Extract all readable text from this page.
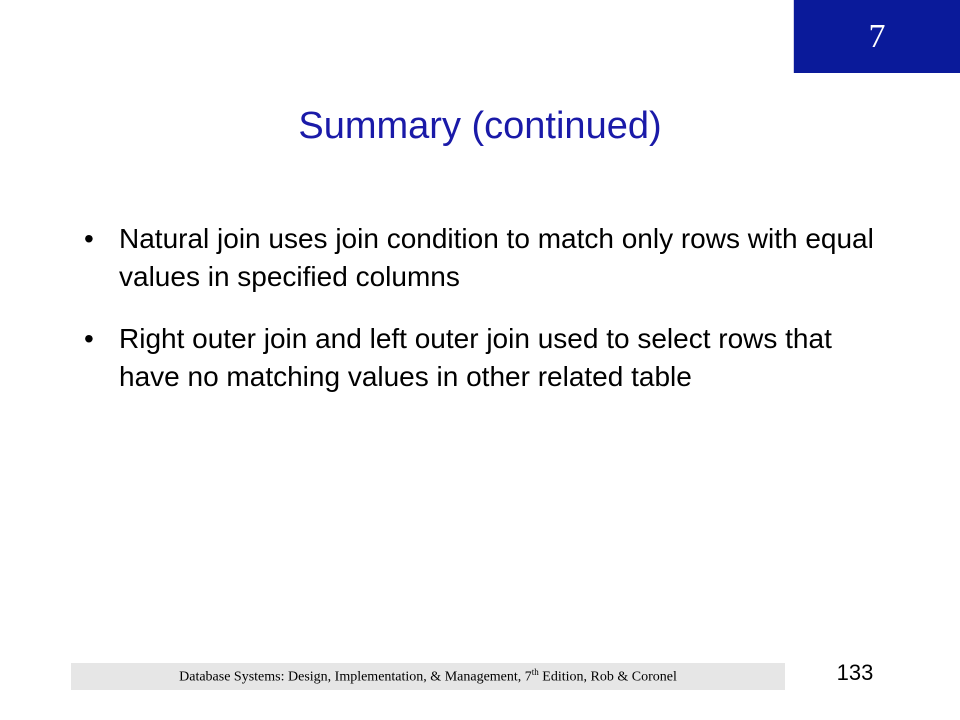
7
Summary (continued)
• Natural join uses join condition to match only rows with equal values in specified columns
• Right outer join and left outer join used to select rows that have no matching values in other related table
Database Systems: Design, Implementation, & Management, 7th Edition, Rob & Coronel	133
